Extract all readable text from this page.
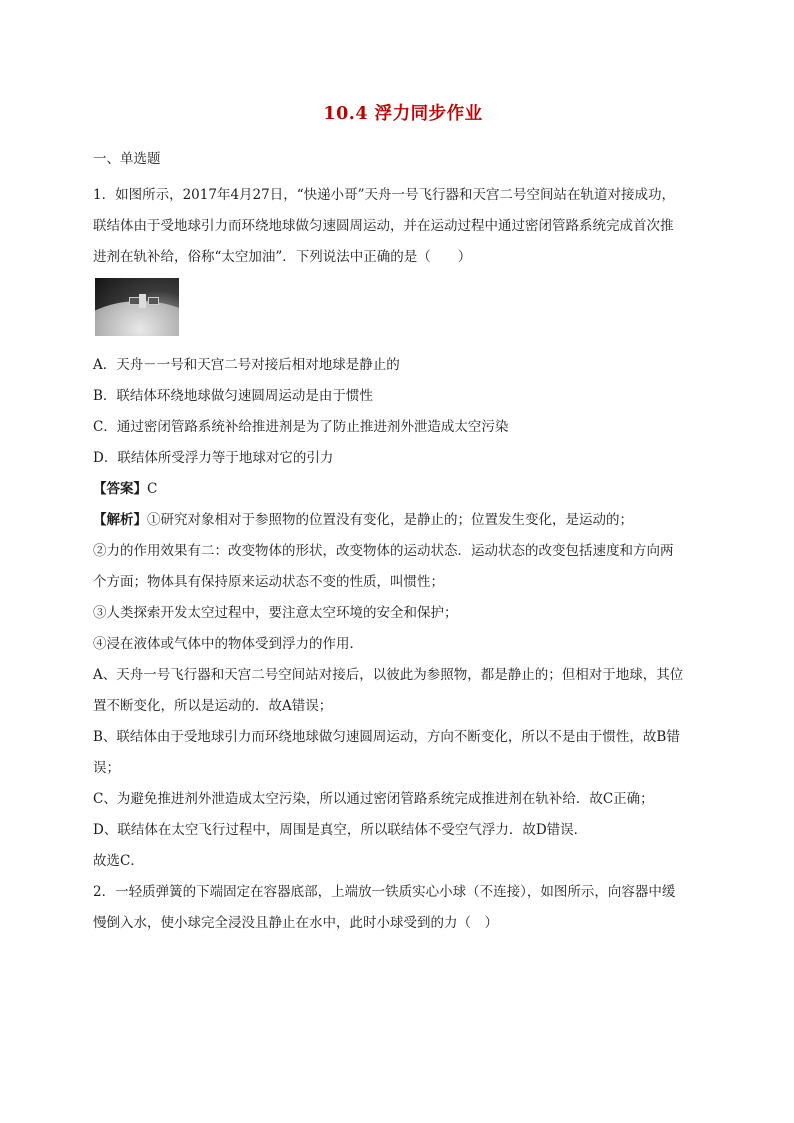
10.4 浮力同步作业
一、单选题

1．如图所示，2017年4月27日，“快递小哥”天舟一号飞行器和天宫二号空间站在轨道对接成功，

联结体由于受地球引力而环绕地球做匀速圆周运动，并在运动过程中通过密闭管路系统完成首次推

进剂在轨补给，俗称“太空加油”．下列说法中正确的是（　　）

A．天舟－一号和天宫二号对接后相对地球是静止的

B．联结体环绕地球做匀速圆周运动是由于惯性

C．通过密闭管路系统补给推进剂是为了防止推进剂外泄造成太空污染

D．联结体所受浮力等于地球对它的引力

【答案】C

【解析】①研究对象相对于参照物的位置没有变化，是静止的；位置发生变化，是运动的；

②力的作用效果有二：改变物体的形状，改变物体的运动状态．运动状态的改变包括速度和方向两

个方面；物体具有保持原来运动状态不变的性质，叫惯性；

③人类探索开发太空过程中，要注意太空环境的安全和保护；

④浸在液体或气体中的物体受到浮力的作用．

A、天舟一号飞行器和天宫二号空间站对接后，以彼此为参照物，都是静止的；但相对于地球，其位

置不断变化，所以是运动的．故A错误；

B、联结体由于受地球引力而环绕地球做匀速圆周运动，方向不断变化，所以不是由于惯性，故B错

误；

C、为避免推进剂外泄造成太空污染，所以通过密闭管路系统完成推进剂在轨补给．故C正确；

D、联结体在太空飞行过程中，周围是真空，所以联结体不受空气浮力．故D错误．

故选C．

2．一轻质弹簧的下端固定在容器底部，上端放一铁质实心小球（不连接），如图所示，向容器中缓

慢倒入水，使小球完全浸没且静止在水中，此时小球受到的力（　）
